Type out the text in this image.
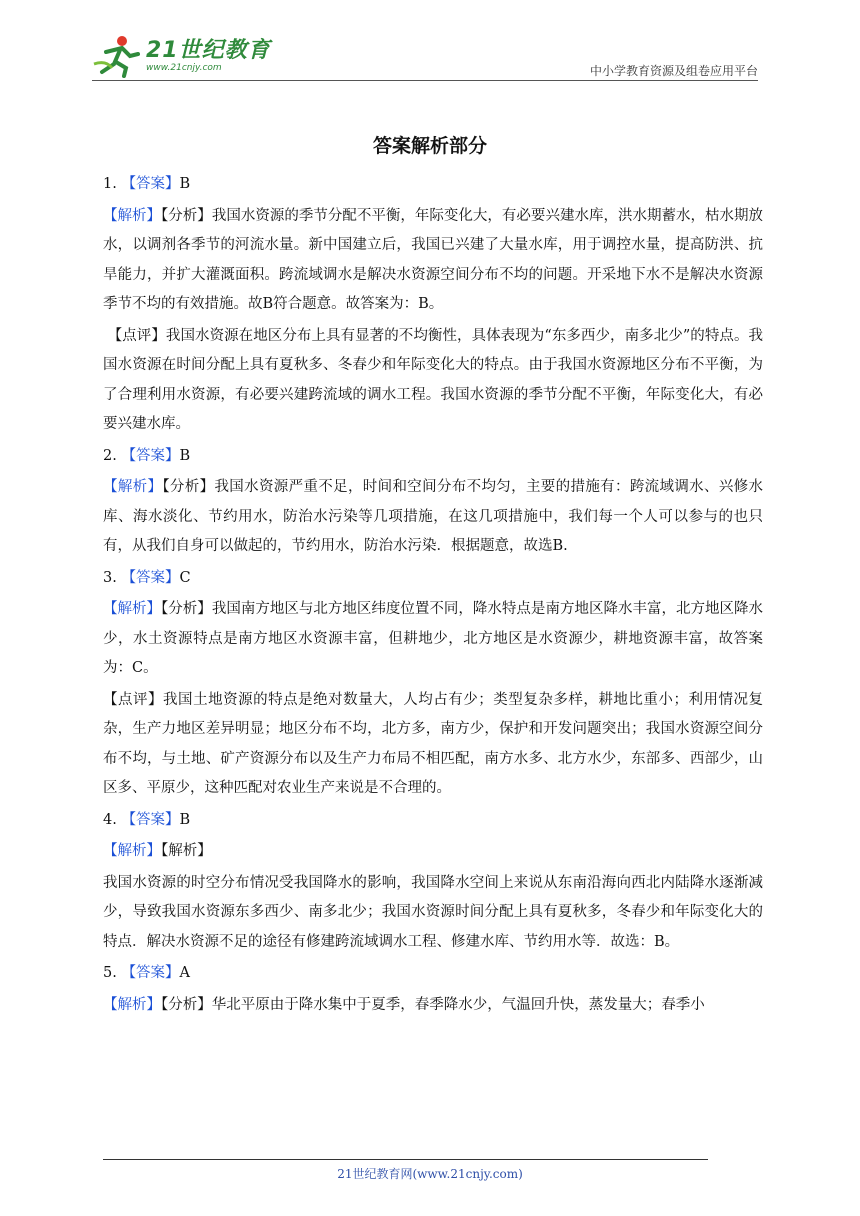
21世纪教育
www.21cnjy.com	中小学教育资源及组卷应用平台
答案解析部分

1. 【答案】B

【解析】【分析】我国水资源的季节分配不平衡，年际变化大，有必要兴建水库，洪水期蓄水，枯水期放水，以调剂各季节的河流水量。新中国建立后，我国已兴建了大量水库，用于调控水量，提高防洪、抗旱能力，并扩大灌溉面积。跨流域调水是解决水资源空间分布不均的问题。开采地下水不是解决水资源季节不均的有效措施。故B符合题意。故答案为：B。

【点评】我国水资源在地区分布上具有显著的不均衡性，具体表现为“东多西少，南多北少”的特点。我国水资源在时间分配上具有夏秋多、冬春少和年际变化大的特点。由于我国水资源地区分布不平衡，为了合理利用水资源，有必要兴建跨流域的调水工程。我国水资源的季节分配不平衡，年际变化大，有必要兴建水库。

2. 【答案】B

【解析】【分析】我国水资源严重不足，时间和空间分布不均匀，主要的措施有：跨流域调水、兴修水库、海水淡化、节约用水，防治水污染等几项措施，在这几项措施中，我们每一个人可以参与的也只有，从我们自身可以做起的，节约用水，防治水污染．根据题意，故选B.

3. 【答案】C

【解析】【分析】我国南方地区与北方地区纬度位置不同，降水特点是南方地区降水丰富，北方地区降水少，水土资源特点是南方地区水资源丰富，但耕地少，北方地区是水资源少，耕地资源丰富，故答案为：C。

【点评】我国土地资源的特点是绝对数量大，人均占有少；类型复杂多样，耕地比重小；利用情况复杂，生产力地区差异明显；地区分布不均，北方多，南方少，保护和开发问题突出；我国水资源空间分布不均，与土地、矿产资源分布以及生产力布局不相匹配，南方水多、北方水少，东部多、西部少，山区多、平原少，这种匹配对农业生产来说是不合理的。

4. 【答案】B

【解析】【解析】

我国水资源的时空分布情况受我国降水的影响，我国降水空间上来说从东南沿海向西北内陆降水逐渐减少，导致我国水资源东多西少、南多北少；我国水资源时间分配上具有夏秋多，冬春少和年际变化大的特点．解决水资源不足的途径有修建跨流域调水工程、修建水库、节约用水等．故选：B。

5. 【答案】A

【解析】【分析】华北平原由于降水集中于夏季，春季降水少，气温回升快，蒸发量大；春季小

21世纪教育网(www.21cnjy.com)
